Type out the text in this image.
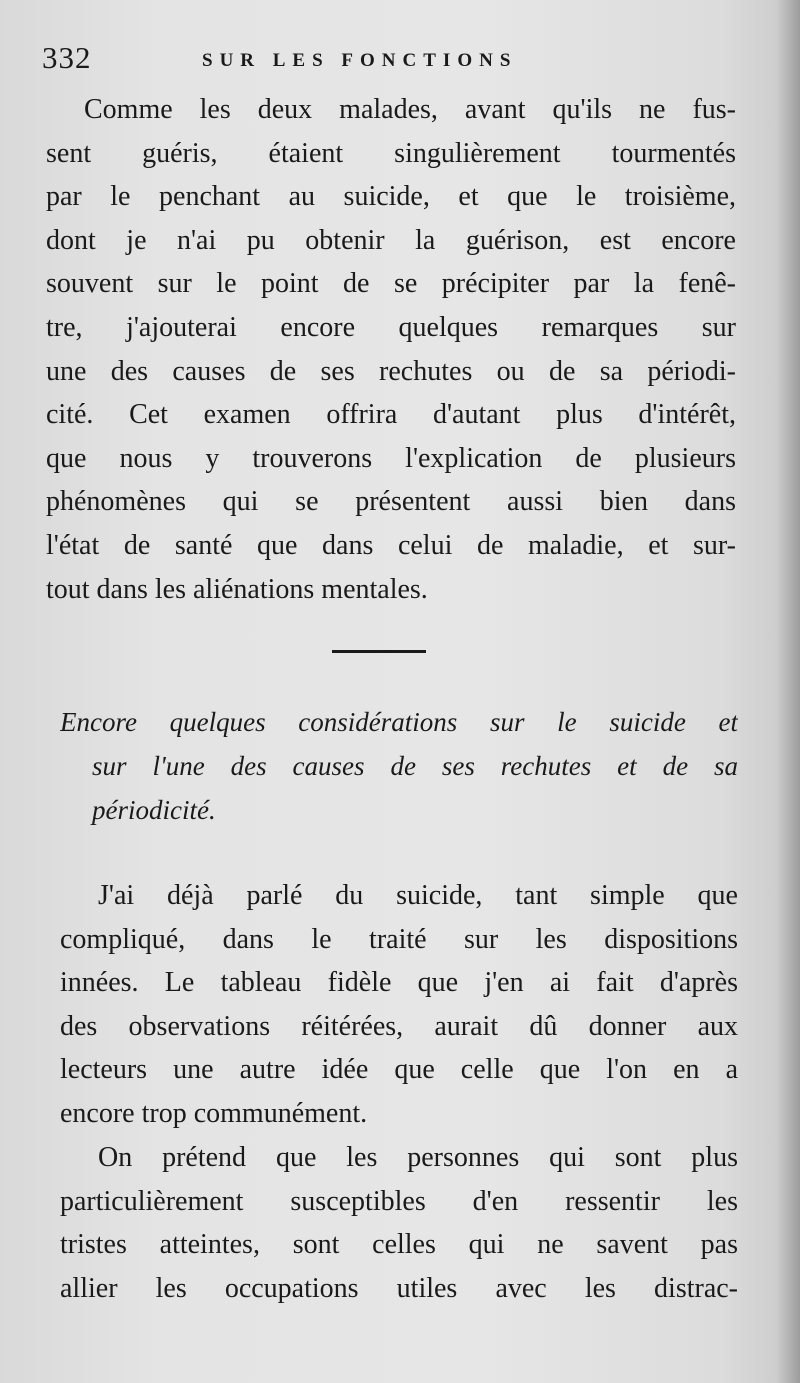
332	SUR LES FONCTIONS
Comme les deux malades, avant qu'ils ne fus-
sent guéris, étaient singulièrement tourmentés
par le penchant au suicide, et que le troisième,
dont je n'ai pu obtenir la guérison, est encore
souvent sur le point de se précipiter par la fenê-
tre, j'ajouterai encore quelques remarques sur
une des causes de ses rechutes ou de sa périodi-
cité. Cet examen offrira d'autant plus d'intérêt,
que nous y trouverons l'explication de plusieurs
phénomènes qui se présentent aussi bien dans
l'état de santé que dans celui de maladie, et sur-
tout dans les aliénations mentales.
Encore quelques considérations sur le suicide et
sur l'une des causes de ses rechutes et de sa
périodicité.
J'ai déjà parlé du suicide, tant simple que
compliqué, dans le traité sur les dispositions
innées. Le tableau fidèle que j'en ai fait d'après
des observations réitérées, aurait dû donner aux
lecteurs une autre idée que celle que l'on en a
encore trop communément.
On prétend que les personnes qui sont plus
particulièrement susceptibles d'en ressentir les
tristes atteintes, sont celles qui ne savent pas
allier les occupations utiles avec les distrac-
